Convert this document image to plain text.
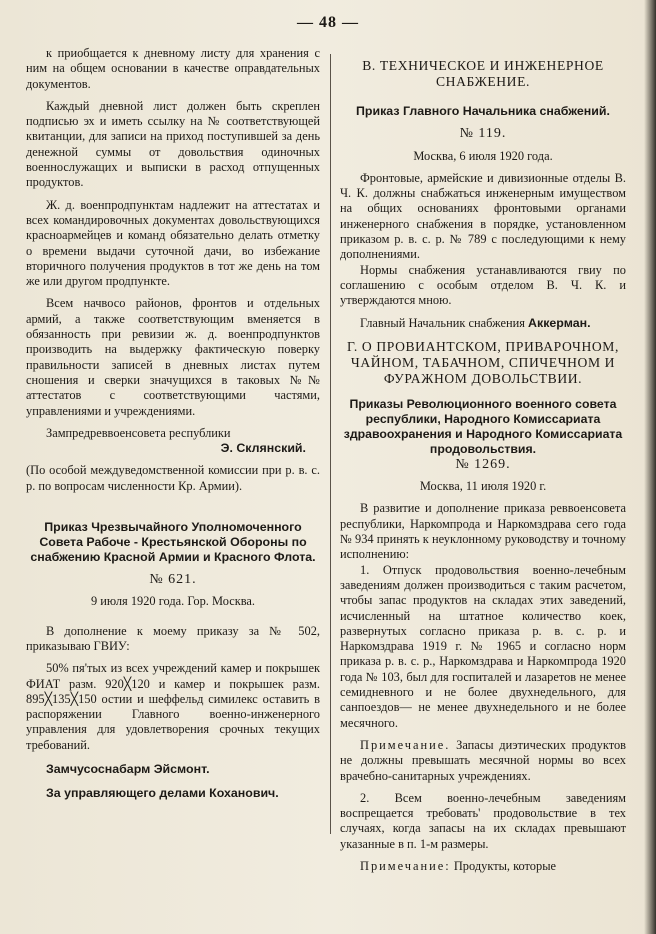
— 48 —

к приобщается к дневному листу для хранения с ним на общем основании в качестве оправдательных документов.

Каждый дневной лист должен быть скреплен подписью эх и иметь ссылку на № соответствующей квитанции, для записи на приход поступившей за день денежной суммы от довольствия одиночных военнослужащих и выписки в расход отпущенных продуктов.

Ж. д. военпродпунктам надлежит на аттестатах и всех командировочных документах довольствующихся красноармейцев и команд обязательно делать отметку о времени выдачи суточной дачи, во избежание вторичного получения продуктов в тот же день на том же или другом продпункте.

Всем начвосо районов, фронтов и отдельных армий, а также соответствующим вменяется в обязанность при ревизии ж. д. военпродпунктов производить на выдержку фактическую поверку правильности записей в дневных листах путем сношения и сверки значущихся в таковых №№ аттестатов с соответствующими частями, управлениями и учреждениями.

Зампредреввоенсовета республики

Э. Склянский.

(По особой междуведомственной комиссии при р. в. с. р. по вопросам численности Кр. Армии).

Приказ Чрезвычайного Уполномоченного Совета Рабоче - Крестьянской Обороны по снабжению Красной Армии и Красного Флота.

№ 621.

9 июля 1920 года. Гор. Москва.

В дополнение к моему приказу за № 502, приказываю ГВИУ:

50% пя'тых из всех учреждений камер и покрышек ФИАТ разм. 920╳120 и камер и покрышек разм. 895╳135╳150 остии и шеффельд симилекс оставить в распоряжении Главного военно-инженерного управления для удовлетворения срочных текущих требований.

Замчусоснабарм Эйсмонт.

За управляющего делами Коханович.

В. ТЕХНИЧЕСКОЕ И ИНЖЕНЕРНОЕ СНАБЖЕНИЕ.

Приказ Главного Начальника снабжений.

№ 119.

Москва, 6 июля 1920 года.

Фронтовые, армейские и дивизионные отделы В. Ч. К. должны снабжаться инженерным имуществом на общих основаниях фронтовыми органами инженерного снабжения в порядке, установленном приказом р. в. с. р. № 789 с последующими к нему дополнениями.

Нормы снабжения устанавливаются гвиу по соглашению с особым отделом В. Ч. К. и утверждаются мною.

Главный Начальник снабжения Аккерман.

Г. О ПРОВИАНТСКОМ, ПРИВАРОЧНОМ, ЧАЙНОМ, ТАБАЧНОМ, СПИЧЕЧНОМ И ФУРАЖНОМ ДОВОЛЬСТВИИ.

Приказы Революционного военного совета республики, Народного Комиссариата здравоохранения и Народного Комиссариата продовольствия.

№ 1269.

Москва, 11 июля 1920 г.

В развитие и дополнение приказа реввоенсовета республики, Наркомпрода и Наркомздрава сего года № 934 принять к неуклонному руководству и точному исполнению:

1. Отпуск продовольствия военно-лечебным заведениям должен производиться с таким расчетом, чтобы запас продуктов на складах этих заведений, исчисленный на штатное количество коек, развернутых согласно приказа р. в. с. р. и Наркомздрава 1919 г. № 1965 и согласно норм приказа р. в. с. р., Наркомздрава и Наркомпрода 1920 года № 103, был для госпиталей и лазаретов не менее семидневного и не более двухнедельного, для санпоездов— не менее двухнедельного и не более месячного.

Примечание. Запасы диэтических продуктов не должны превышать месячной нормы во всех врачебно-санитарных учреждениях.

2. Всем военно-лечебным заведениям воспрещается требовать' продовольствие в тех случаях, когда запасы на их складах превышают указанные в п. 1-м размеры.

Примечание: Продукты, которые
